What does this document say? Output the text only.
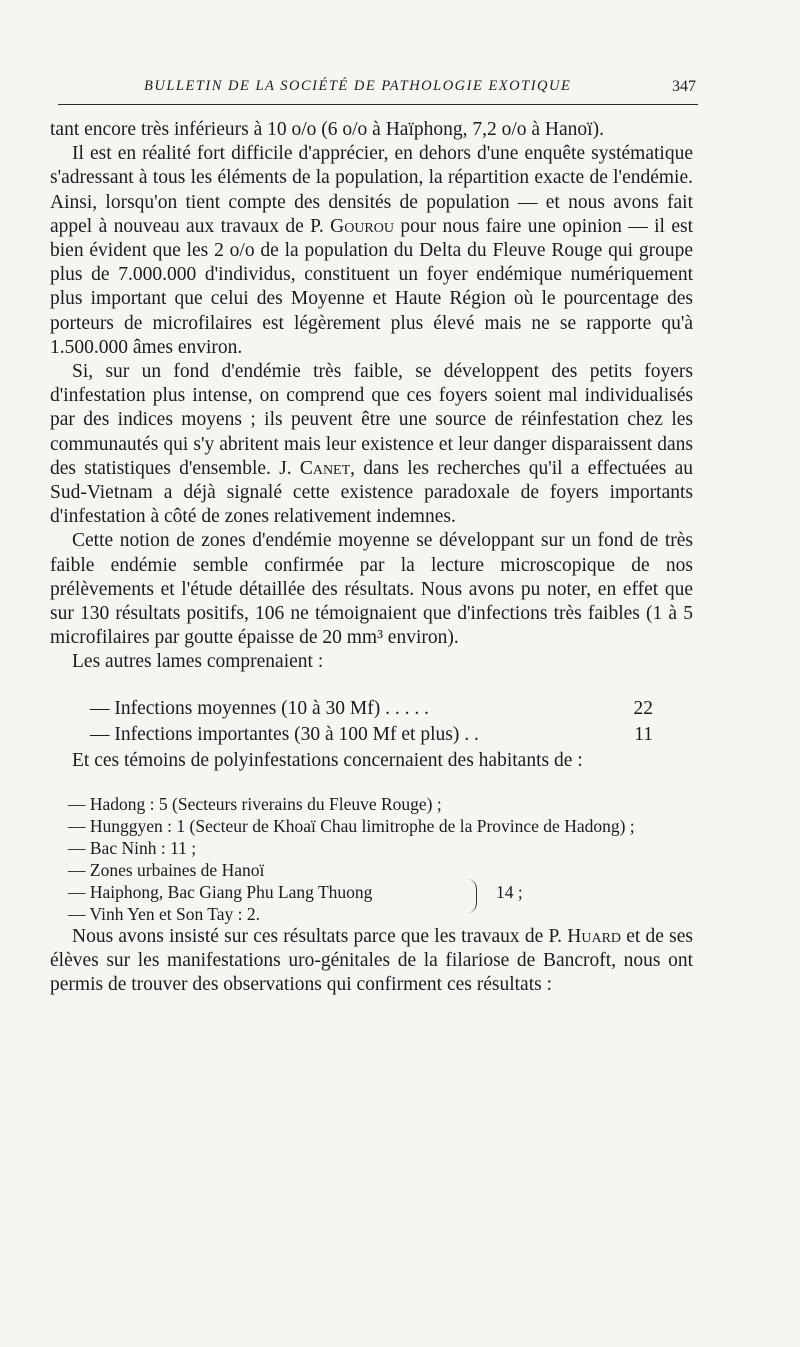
BULLETIN DE LA SOCIÉTÉ DE PATHOLOGIE EXOTIQUE	347

tant encore très inférieurs à 10 o/o (6 o/o à Haïphong, 7,2 o/o à Hanoï).

Il est en réalité fort difficile d'apprécier, en dehors d'une enquête systématique s'adressant à tous les éléments de la population, la répartition exacte de l'endémie. Ainsi, lorsqu'on tient compte des densités de population — et nous avons fait appel à nouveau aux travaux de P. Gourou pour nous faire une opinion — il est bien évident que les 2 o/o de la population du Delta du Fleuve Rouge qui groupe plus de 7.000.000 d'individus, constituent un foyer endémique numériquement plus important que celui des Moyenne et Haute Région où le pourcentage des porteurs de microfilaires est légèrement plus élevé mais ne se rapporte qu'à 1.500.000 âmes environ.

Si, sur un fond d'endémie très faible, se développent des petits foyers d'infestation plus intense, on comprend que ces foyers soient mal individualisés par des indices moyens ; ils peuvent être une source de réinfestation chez les communautés qui s'y abritent mais leur existence et leur danger disparaissent dans des statistiques d'ensemble. J. Canet, dans les recherches qu'il a effectuées au Sud-Vietnam a déjà signalé cette existence paradoxale de foyers importants d'infestation à côté de zones relativement indemnes.

Cette notion de zones d'endémie moyenne se développant sur un fond de très faible endémie semble confirmée par la lecture microscopique de nos prélèvements et l'étude détaillée des résultats. Nous avons pu noter, en effet que sur 130 résultats positifs, 106 ne témoignaient que d'infections très faibles (1 à 5 microfilaires par goutte épaisse de 20 mm³ environ).

Les autres lames comprenaient :

— Infections moyennes (10 à 30 Mf) . . . . .	22
— Infections importantes (30 à 100 Mf et plus) . .	11

Et ces témoins de polyinfestations concernaient des habitants de :

— Hadong : 5 (Secteurs riverains du Fleuve Rouge) ;
— Hunggyen : 1 (Secteur de Khoaï Chau limitrophe de la Province de Hadong) ;
— Bac Ninh : 11 ;
— Zones urbaines de Hanoï
— Haiphong, Bac Giang Phu Lang Thuong
— Vinh Yen et Son Tay : 2.
14 ;

Nous avons insisté sur ces résultats parce que les travaux de P. Huard et de ses élèves sur les manifestations uro-génitales de la filariose de Bancroft, nous ont permis de trouver des observations qui confirment ces résultats :
